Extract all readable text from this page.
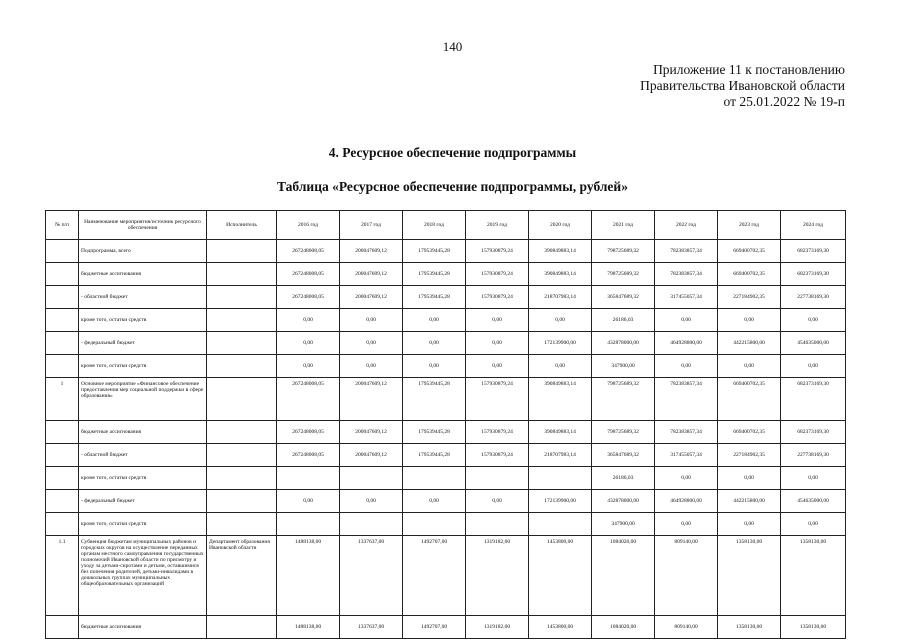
140
Приложение 11 к постановлению
Правительства Ивановской области
от 25.01.2022 № 19-п
4. Ресурсное обеспечение подпрограммы
Таблица «Ресурсное обеспечение подпрограммы, рублей»
№ п/п	Наименование мероприятия/источник ресурсного обеспечения	Исполнитель	2016 год	2017 год	2018 год	2019 год	2020 год	2021 год	2022 год	2023 год	2024 год
	Подпрограмма, всего		267248008,05	200047609,12	179539445,28	157930879,24	390849883,14	798725689,32	782383857,34	669400702,35	682373169,30
	бюджетные ассигнования		267248008,05	200047609,12	179539445,28	157930879,24	390849883,14	798725689,32	782383857,34	669400702,35	682373169,30
	- областной бюджет		267248008,05	200047609,12	179539445,28	157930879,24	218707983,14	365847689,32	317455057,34	227184902,35	227738169,30
	кроме того, остатки средств		0,00	0,00	0,00	0,00	0,00	26186,03	0,00	0,00	0,00
	- федеральный бюджет		0,00	0,00	0,00	0,00	172139900,00	432878000,00	464928800,00	442215800,00	454635000,00
	кроме того, остатки средств		0,00	0,00	0,00	0,00	0,00	347900,00	0,00	0,00	0,00
1	Основное мероприятие «Финансовое обеспечение предоставления мер социальной поддержки в сфере образования»		267248008,05	200047609,12	179539445,28	157930879,24	390849883,14	798725689,32	782383857,34	669400702,35	682373169,30
	бюджетные ассигнования		267248008,05	200047609,12	179539445,28	157930879,24	390849883,14	798725689,32	782383857,34	669400702,35	682373169,30
	- областной бюджет		267248008,05	200047609,12	179539445,28	157930879,24	218707983,14	365847689,32	317455057,34	227184902,35	227738169,30
	кроме того, остатки средств							26186,03	0,00	0,00	0,00
	- федеральный бюджет		0,00	0,00	0,00	0,00	172139900,00	432878000,00	464928800,00	442215800,00	454635000,00
	кроме того, остатки средств							347900,00	0,00	0,00	0,00
1.1	Субвенция бюджетам муниципальных районов и городских округов на осуществление переданных органам местного самоуправления государственных полномочий Ивановской области по присмотру и уходу за детьми-сиротами и детьми, оставшимися без попечения родителей, детьми-инвалидами в дошкольных группах муниципальных общеобразовательных организаций	Департамент образования Ивановской области	1488138,00	1337637,00	1492707,00	1319182,00	1453800,00	1084020,00	809140,00	1358130,00	1358130,00
	бюджетные ассигнования		1488138,00	1337637,00	1492707,00	1319182,00	1453800,00	1084020,00	809140,00	1358130,00	1358130,00
